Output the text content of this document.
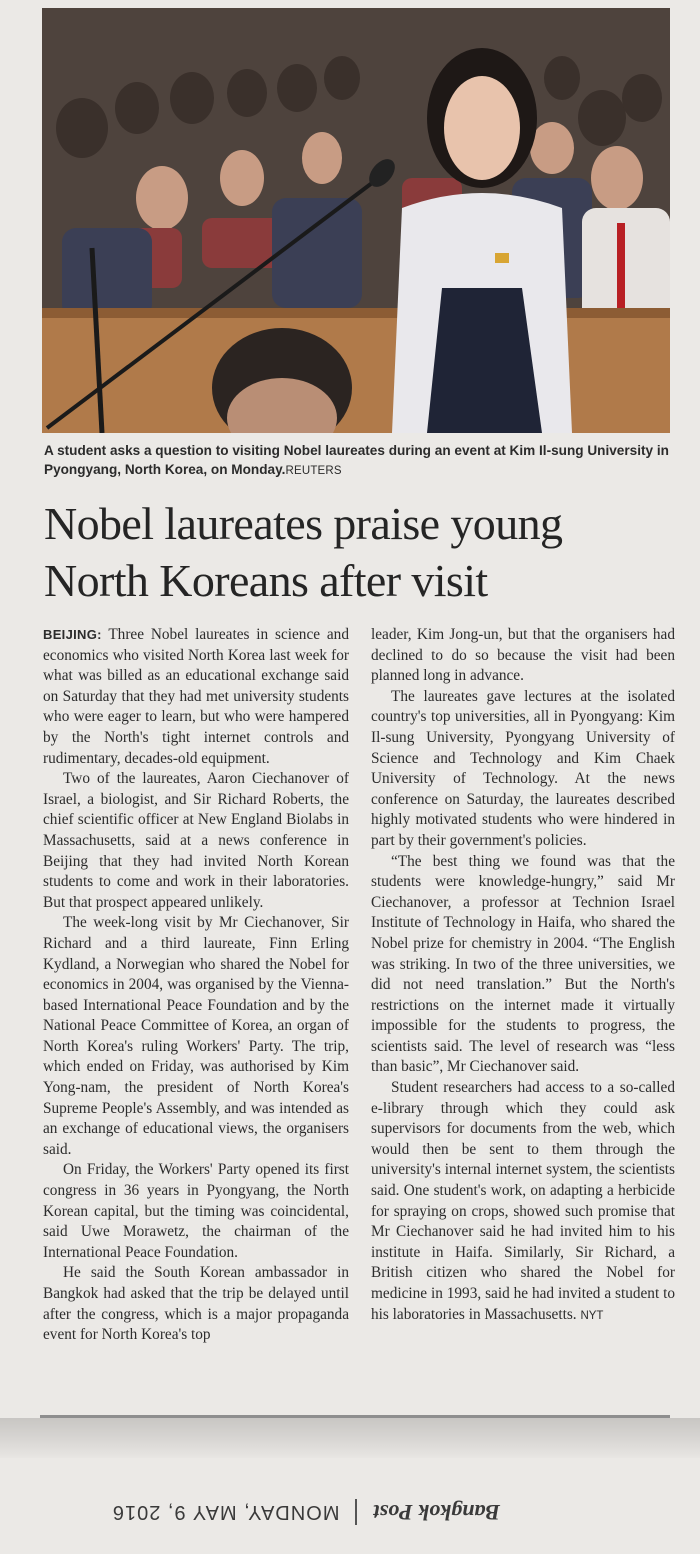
A student asks a question to visiting Nobel laureates during an event at Kim Il-sung University in Pyongyang, North Korea, on Monday.REUTERS

Nobel laureates praise young North Koreans after visit

BEIJING: Three Nobel laureates in science and economics who visited North Korea last week for what was billed as an educational exchange said on Saturday that they had met university students who were eager to learn, but who were hampered by the North's tight internet controls and rudimentary, decades-old equipment.

Two of the laureates, Aaron Ciechanover of Israel, a biologist, and Sir Richard Roberts, the chief scientific officer at New England Biolabs in Massachusetts, said at a news conference in Beijing that they had invited North Korean students to come and work in their laboratories. But that prospect appeared unlikely.

The week-long visit by Mr Ciechanover, Sir Richard and a third laureate, Finn Erling Kydland, a Norwegian who shared the Nobel for economics in 2004, was organised by the Vienna-based International Peace Foundation and by the National Peace Committee of Korea, an organ of North Korea's ruling Workers' Party. The trip, which ended on Friday, was authorised by Kim Yong-nam, the president of North Korea's Supreme People's Assembly, and was intended as an exchange of educational views, the organisers said.

On Friday, the Workers' Party opened its first congress in 36 years in Pyongyang, the North Korean capital, but the timing was coincidental, said Uwe Morawetz, the chairman of the International Peace Foundation.

He said the South Korean ambassador in Bangkok had asked that the trip be delayed until after the congress, which is a major propaganda event for North Korea's top

leader, Kim Jong-un, but that the organisers had declined to do so because the visit had been planned long in advance.

The laureates gave lectures at the isolated country's top universities, all in Pyongyang: Kim Il-sung University, Pyongyang University of Science and Technology and Kim Chaek University of Technology. At the news conference on Saturday, the laureates described highly motivated students who were hindered in part by their government's policies.

“The best thing we found was that the students were knowledge-hungry,” said Mr Ciechanover, a professor at Technion Israel Institute of Technology in Haifa, who shared the Nobel prize for chemistry in 2004. “The English was striking. In two of the three universities, we did not need translation.” But the North's restrictions on the internet made it virtually impossible for the students to progress, the scientists said. The level of research was “less than basic”, Mr Ciechanover said.

Student researchers had access to a so-called e-library through which they could ask supervisors for documents from the web, which would then be sent to them through the university's internal internet system, the scientists said. One student's work, on adapting a herbicide for spraying on crops, showed such promise that Mr Ciechanover said he had invited him to his institute in Haifa. Similarly, Sir Richard, a British citizen who shared the Nobel for medicine in 1993, said he had invited a student to his laboratories in Massachusetts. NYT

Bangkok Post
MONDAY, MAY 9, 2016
